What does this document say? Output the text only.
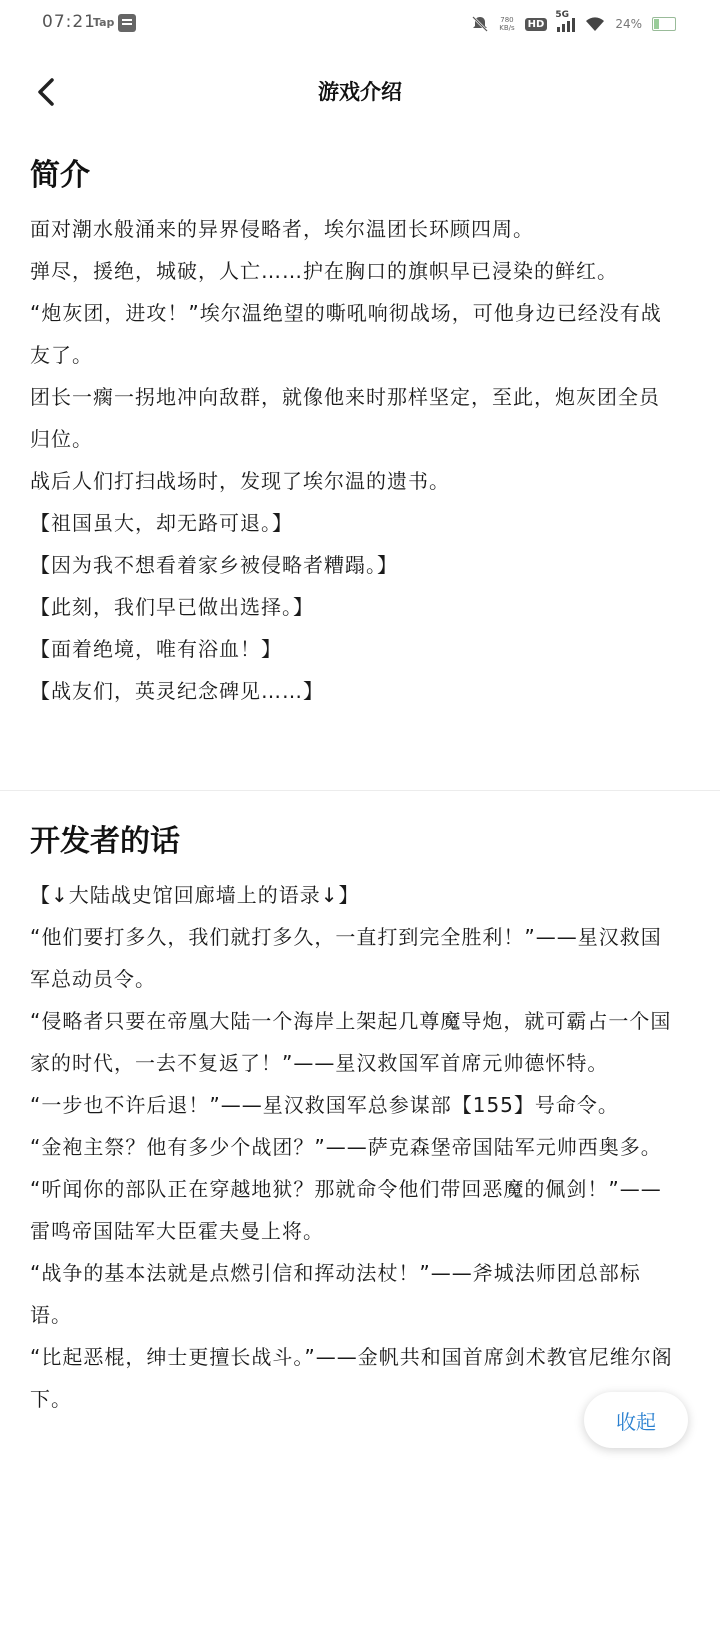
07:21
Tap	780
KB/s	HD
5G
24%
游戏介绍
简介

面对潮水般涌来的异界侵略者，埃尔温团长环顾四周。

弹尽，援绝，城破，人亡……护在胸口的旗帜早已浸染的鲜红。

“炮灰团，进攻！”埃尔温绝望的嘶吼响彻战场，可他身边已经没有战友了。

团长一瘸一拐地冲向敌群，就像他来时那样坚定，至此，炮灰团全员归位。

战后人们打扫战场时，发现了埃尔温的遗书。

【祖国虽大，却无路可退。】

【因为我不想看着家乡被侵略者糟蹋。】

【此刻，我们早已做出选择。】

【面着绝境，唯有浴血！】

【战友们，英灵纪念碑见……】

开发者的话

【↓大陆战史馆回廊墙上的语录↓】

“他们要打多久，我们就打多久，一直打到完全胜利！”——星汉救国军总动员令。

“侵略者只要在帝凰大陆一个海岸上架起几尊魔导炮，就可霸占一个国家的时代，一去不复返了！”——星汉救国军首席元帅德怀特。

“一步也不许后退！”——星汉救国军总参谋部【155】号命令。

“金袍主祭？他有多少个战团？”——萨克森堡帝国陆军元帅西奥多。

“听闻你的部队正在穿越地狱？那就命令他们带回恶魔的佩剑！”——雷鸣帝国陆军大臣霍夫曼上将。

“战争的基本法就是点燃引信和挥动法杖！”——斧城法师团总部标语。

“比起恶棍，绅士更擅长战斗。”——金帆共和国首席剑术教官尼维尔阁下。

收起
